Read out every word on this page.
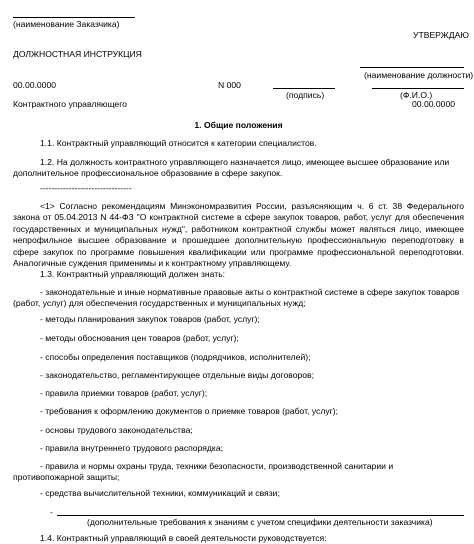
(наименование Заказчика)
УТВЕРЖДАЮ
ДОЛЖНОСТНАЯ ИНСТРУКЦИЯ
(наименование должности)
00.00.0000	N 000
(подпись)	(Ф.И.О.)
Контрактного управляющего	00.00.0000
1. Общие положения
1.1. Контрактный управляющий относится к категории специалистов.
1.2. На должность контрактного управляющего назначается лицо, имеющее высшее образование или дополнительное профессиональное образование в сфере закупок.
--------------------------------
<1> Согласно рекомендациям Минэкономразвития России, разъясняющим ч. 6 ст. 38 Федерального закона от 05.04.2013 N 44-ФЗ "О контрактной системе в сфере закупок товаров, работ, услуг для обеспечения государственных и муниципальных нужд", работником контрактной службы может являться лицо, имеющее непрофильное высшее образование и прошедшее дополнительную профессиональную переподготовку в сфере закупок по программе повышения квалификации или программе профессиональной переподготовки. Аналогичные суждения применимы и к контрактному управляющему.
1.3. Контрактный управляющий должен знать:
- законодательные и иные нормативные правовые акты о контрактной системе в сфере закупок товаров (работ, услуг) для обеспечения государственных и муниципальных нужд;
- методы планирования закупок товаров (работ, услуг);
- методы обоснования цен товаров (работ, услуг);
- способы определения поставщиков (подрядчиков, исполнителей);
- законодательство, регламентирующее отдельные виды договоров;
- правила приемки товаров (работ, услуг);
- требования к оформлению документов о приемке товаров (работ, услуг);
- основы трудового законодательства;
- правила внутреннего трудового распорядка;
- правила и нормы охраны труда, техники безопасности, производственной санитарии и противопожарной защиты;
- средства вычислительной техники, коммуникаций и связи;
-
(дополнительные требования к знаниям с учетом специфики деятельности заказчика)
1.4. Контрактный управляющий в своей деятельности руководствуется:
